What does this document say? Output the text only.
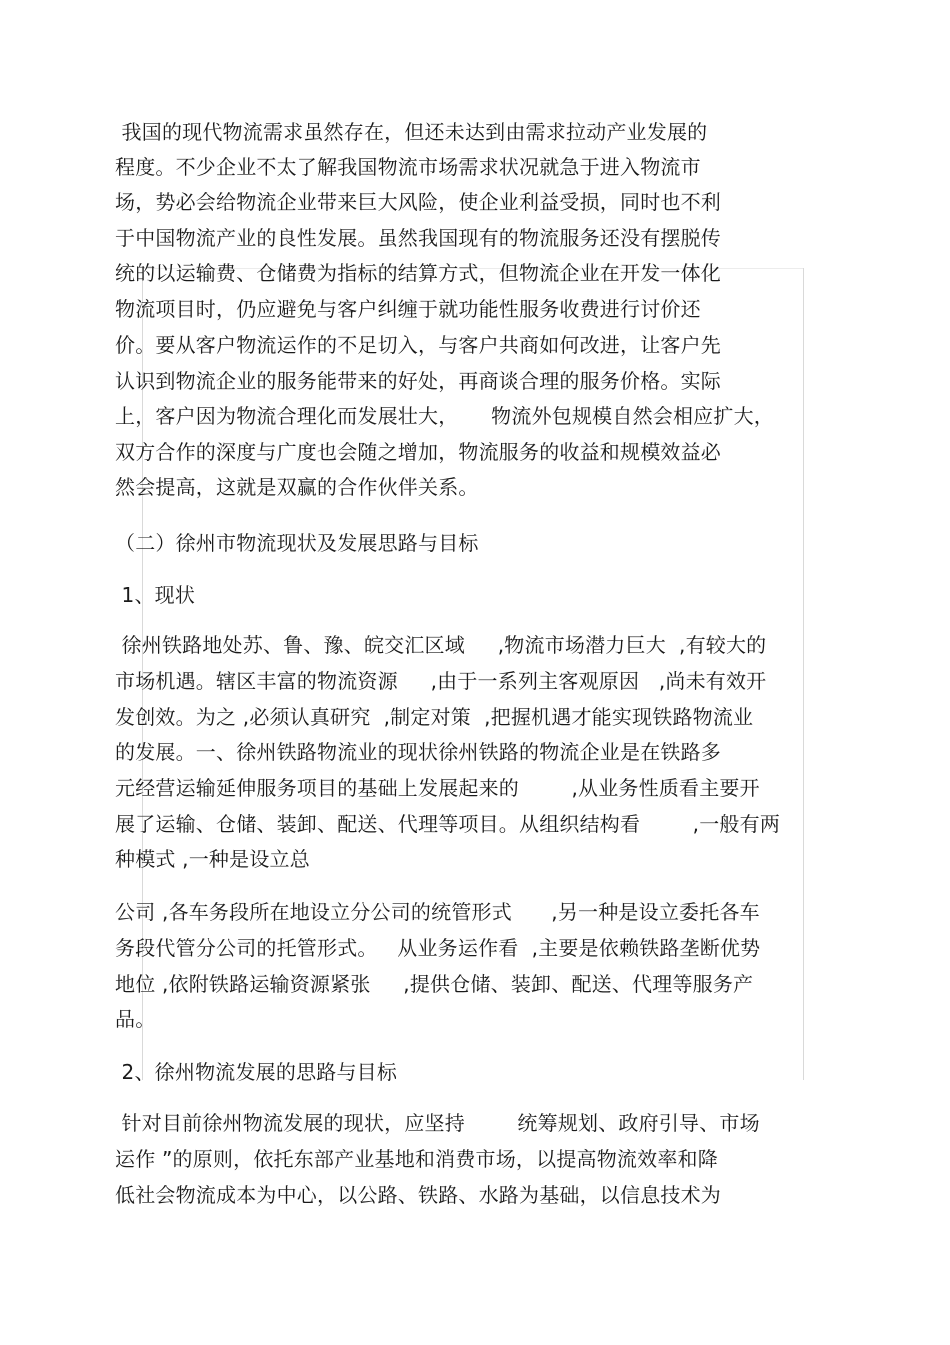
我国的现代物流需求虽然存在，但还未达到由需求拉动产业发展的
程度。不少企业不太了解我国物流市场需求状况就急于进入物流市
场，势必会给物流企业带来巨大风险，使企业利益受损，同时也不利
于中国物流产业的良性发展。虽然我国现有的物流服务还没有摆脱传
统的以运输费、仓储费为指标的结算方式，但物流企业在开发一体化
物流项目时，仍应避免与客户纠缠于就功能性服务收费进行讨价还
价。要从客户物流运作的不足切入，与客户共商如何改进，让客户先
认识到物流企业的服务能带来的好处，再商谈合理的服务价格。实际
上，客户因为物流合理化而发展壮大，     物流外包规模自然会相应扩大，
双方合作的深度与广度也会随之增加，物流服务的收益和规模效益必
然会提高，这就是双赢的合作伙伴关系。
（二）徐州市物流现状及发展思路与目标
1、现状
徐州铁路地处苏、鲁、豫、皖交汇区域     ,物流市场潜力巨大  ,有较大的
市场机遇。辖区丰富的物流资源     ,由于一系列主客观原因   ,尚未有效开
发创效。为之 ,必须认真研究  ,制定对策  ,把握机遇才能实现铁路物流业
的发展。一、徐州铁路物流业的现状徐州铁路的物流企业是在铁路多
元经营运输延伸服务项目的基础上发展起来的        ,从业务性质看主要开
展了运输、仓储、装卸、配送、代理等项目。从组织结构看        ,一般有两
种模式 ,一种是设立总
公司 ,各车务段所在地设立分公司的统管形式      ,另一种是设立委托各车
务段代管分公司的托管形式。   从业务运作看  ,主要是依赖铁路垄断优势
地位 ,依附铁路运输资源紧张     ,提供仓储、装卸、配送、代理等服务产
品。
2、徐州物流发展的思路与目标
针对目前徐州物流发展的现状，应坚持        统筹规划、政府引导、市场
运作 ”的原则，依托东部产业基地和消费市场，以提高物流效率和降
低社会物流成本为中心，以公路、铁路、水路为基础，以信息技术为
